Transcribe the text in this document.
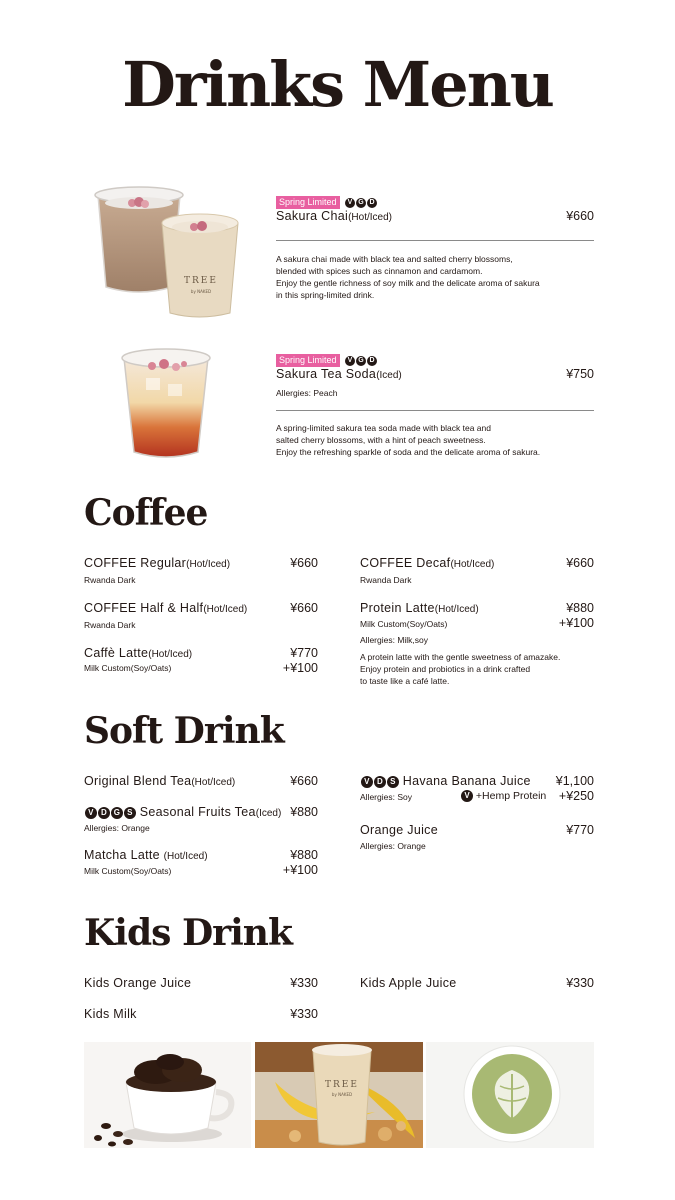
Drinks Menu
TREE
by NAKED
Spring Limited V G D
Sakura Chai(Hot/Iced)	¥660
A sakura chai made with black tea and salted cherry blossoms,
blended with spices such as cinnamon and cardamom.
Enjoy the gentle richness of soy milk and the delicate aroma of sakura
in this spring-limited drink.
Spring Limited V G D
Sakura Tea Soda(Iced)	¥750
Allergies: Peach
A spring-limited sakura tea soda made with black tea and
salted cherry blossoms, with a hint of peach sweetness.
Enjoy the refreshing sparkle of soda and the delicate aroma of sakura.
Coffee
COFFEE Regular(Hot/Iced)	¥660
Rwanda Dark
COFFEE Half & Half(Hot/Iced)	¥660
Rwanda Dark
Caffè Latte(Hot/Iced)	¥770
Milk Custom(Soy/Oats)	+¥100
COFFEE Decaf(Hot/Iced)	¥660
Rwanda Dark
Protein Latte(Hot/Iced)	¥880
Milk Custom(Soy/Oats)	+¥100
Allergies: Milk,soy
A protein latte with the gentle sweetness of amazake.
Enjoy protein and probiotics in a drink crafted
to taste like a café latte.
Soft Drink
Original Blend Tea(Hot/Iced)	¥660
V D G S Seasonal Fruits Tea(Iced) ¥880
Allergies: Orange
Matcha Latte (Hot/Iced)	¥880
Milk Custom(Soy/Oats)	+¥100
V D S Havana Banana Juice	¥1,100
Allergies: Soy	V +Hemp Protein	+¥250
Orange Juice	¥770
Allergies: Orange
Kids Drink
Kids Orange Juice	¥330
Kids Milk	¥330
Kids Apple Juice	¥330
TREE
by NAKED
